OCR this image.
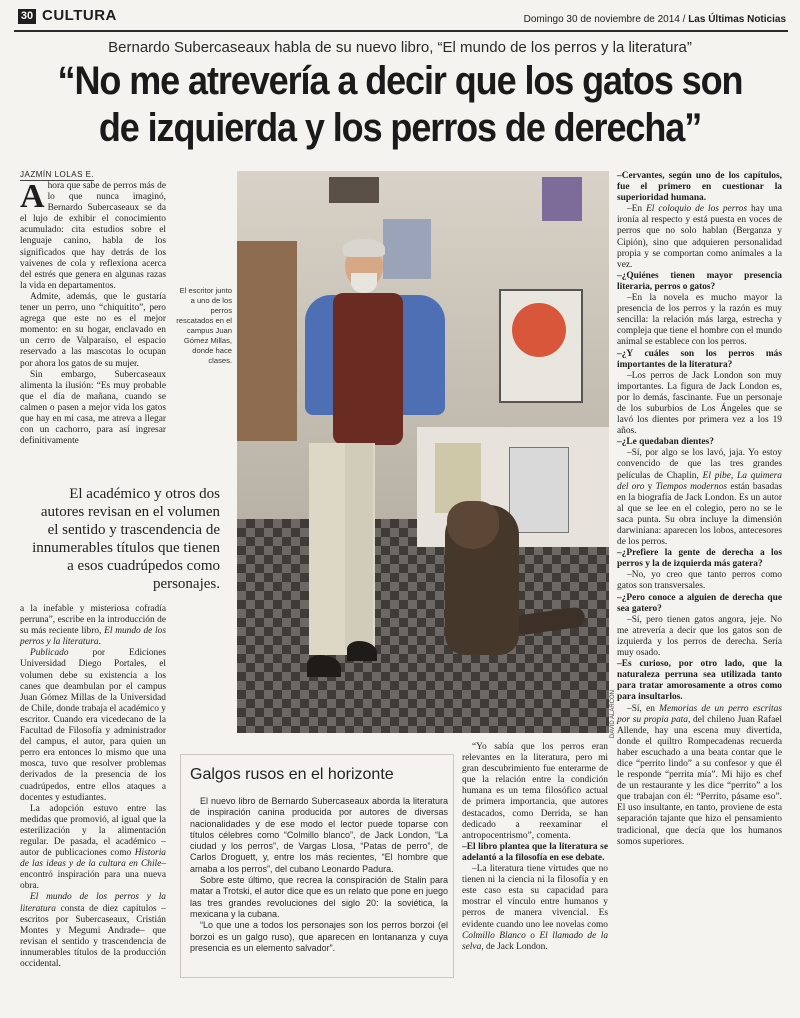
30 CULTURA	Domingo 30 de noviembre de 2014 / Las Últimas Noticias
Bernardo Subercaseaux habla de su nuevo libro, “El mundo de los perros y la literatura”
“No me atrevería a decir que los gatos son de izquierda y los perros de derecha”
JAZMÍN LOLAS E.
A hora que sabe de perros más de lo que nunca imaginó, Bernardo Subercaseaux se da el lujo de exhibir el conocimiento acumulado: cita estudios sobre el lenguaje canino, habla de los significados que hay detrás de los vaivenes de cola y reflexiona acerca del estrés que genera en algunas razas la vida en departamentos.

Admite, además, que le gustaría tener un perro, uno “chiquitito”, pero agrega que este no es el mejor momento: en su hogar, enclavado en un cerro de Valparaíso, el espacio reservado a las mascotas lo ocupan por ahora los gatos de su mujer.

Sin embargo, Subercaseaux alimenta la ilusión: “Es muy probable que el día de mañana, cuando se calmen o pasen a mejor vida los gatos que hay en mi casa, me atreva a llegar con un cachorro, para así ingresar definitivamente

El académico y otros dos autores revisan en el volumen el sentido y trascendencia de innumerables títulos que tienen a esos cuadrúpedos como personajes.

a la inefable y misteriosa cofradía perruna”, escribe en la introducción de su más reciente libro, El mundo de los perros y la literatura.

Publicado por Ediciones Universidad Diego Portales, el volumen debe su existencia a los canes que deambulan por el campus Juan Gómez Millas de la Universidad de Chile, donde trabaja el académico y escritor. Cuando era vicedecano de la Facultad de Filosofía y administrador del campus, el autor, para quien un perro era entonces lo mismo que una mosca, tuvo que resolver problemas derivados de la presencia de los cuadrúpedos, entre ellos ataques a docentes y estudiantes.

La adopción estuvo entre las medidas que promovió, al igual que la esterilización y la alimentación regular. De pasada, el académico –autor de publicaciones como Historia de las ideas y de la cultura en Chile– encontró inspiración para una nueva obra.

El mundo de los perros y la literatura consta de diez capítulos –escritos por Subercaseaux, Cristián Montes y Megumi Andrade– que revisan el sentido y trascendencia de innumerables títulos de la producción occidental.

El escritor junto a uno de los perros rescatados en el campus Juan Gómez Millas, donde hace clases.
DAVID ALARCÓN

–Cervantes, según uno de los capítulos, fue el primero en cuestionar la superioridad humana.

–En El coloquio de los perros hay una ironía al respecto y está puesta en voces de perros que no solo hablan (Berganza y Cipión), sino que adquieren personalidad propia y se comportan como animales a la vez.

–¿Quiénes tienen mayor presencia literaria, perros o gatos?

–En la novela es mucho mayor la presencia de los perros y la razón es muy sencilla: la relación más larga, estrecha y compleja que tiene el hombre con el mundo animal se establece con los perros.

–¿Y cuáles son los perros más importantes de la literatura?

–Los perros de Jack London son muy importantes. La figura de Jack London es, por lo demás, fascinante. Fue un personaje de los suburbios de Los Ángeles que se lavó los dientes por primera vez a los 19 años.

–¿Le quedaban dientes?

–Sí, por algo se los lavó, jaja. Yo estoy convencido de que las tres grandes películas de Chaplin, El pibe, La quimera del oro y Tiempos modernos están basadas en la biografía de Jack London. Es un autor al que se lee en el colegio, pero no se le saca punta. Su obra incluye la dimensión darwiniana: aparecen los lobos, antecesores de los perros.

–¿Prefiere la gente de derecha a los perros y la de izquierda más gatera?

–No, yo creo que tanto perros como gatos son transversales.

–¿Pero conoce a alguien de derecha que sea gatero?

–Sí, pero tienen gatos angora, jeje. No me atrevería a decir que los gatos son de izquierda y los perros de derecha. Sería muy osado.

–Es curioso, por otro lado, que la naturaleza perruna sea utilizada tanto para tratar amorosamente a otros como para insultarlos.

–Sí, en Memorias de un perro escritas por su propia pata, del chileno Juan Rafael Allende, hay una escena muy divertida, donde el quiltro Rompecadenas recuerda haber escuchado a una beata contar que le dice “perrito lindo” a su confesor y que él le responde “perrita mía”. Mi hijo es chef de un restaurante y les dice “perrito” a los que trabajan con él: “Perrito, pásame eso”. El uso insultante, en tanto, proviene de esta separación tajante que hizo el pensamiento tradicional, que decía que los humanos somos superiores.

Galgos rusos en el horizonte

El nuevo libro de Bernardo Subercaseaux aborda la literatura de inspiración canina producida por autores de diversas nacionalidades y de ese modo el lector puede toparse con títulos célebres como “Colmillo blanco”, de Jack London, “La ciudad y los perros”, de Vargas Llosa, “Patas de perro”, de Carlos Droguett, y, entre los más recientes, “El hombre que amaba a los perros”, del cubano Leonardo Padura.

Sobre este último, que recrea la conspiración de Stalin para matar a Trotski, el autor dice que es un relato que pone en juego las tres grandes revoluciones del siglo 20: la soviética, la mexicana y la cubana.

“Lo que une a todos los personajes son los perros borzoi (el borzoi es un galgo ruso), que aparecen en lontananza y cuya presencia es un elemento salvador”.

“Yo sabía que los perros eran relevantes en la literatura, pero mi gran descubrimiento fue enterarme de que la relación entre la condición humana es un tema filosófico actual de primera importancia, que autores destacados, como Derrida, se han dedicado a reexaminar el antropocentrismo”, comenta.

–El libro plantea que la literatura se adelantó a la filosofía en ese debate.

–La literatura tiene virtudes que no tienen ni la ciencia ni la filosofía y en este caso esta su capacidad para mostrar el vínculo entre humanos y perros de manera vivencial. Es evidente cuando uno lee novelas como Colmillo Blanco o El llamado de la selva, de Jack London.
